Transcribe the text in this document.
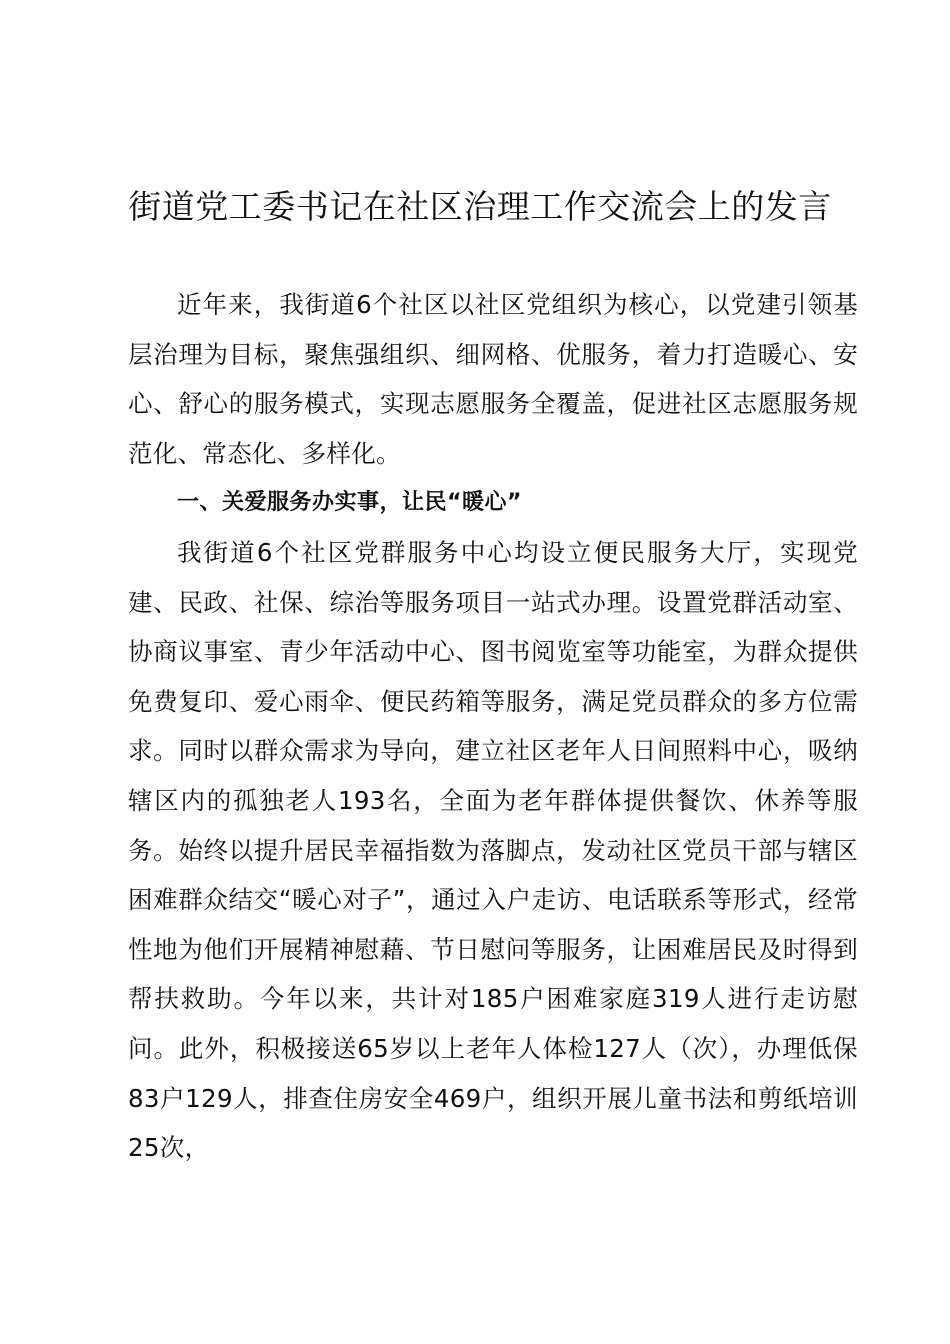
街道党工委书记在社区治理工作交流会上的发言

近年来，我街道6个社区以社区党组织为核心，以党建引领基层治理为目标，聚焦强组织、细网格、优服务，着力打造暖心、安心、舒心的服务模式，实现志愿服务全覆盖，促进社区志愿服务规范化、常态化、多样化。

一、关爱服务办实事，让民“暖心”

我街道6个社区党群服务中心均设立便民服务大厅，实现党建、民政、社保、综治等服务项目一站式办理。设置党群活动室、协商议事室、青少年活动中心、图书阅览室等功能室，为群众提供免费复印、爱心雨伞、便民药箱等服务，满足党员群众的多方位需求。同时以群众需求为导向，建立社区老年人日间照料中心，吸纳辖区内的孤独老人193名，全面为老年群体提供餐饮、休养等服务。始终以提升居民幸福指数为落脚点，发动社区党员干部与辖区困难群众结交“暖心对子”，通过入户走访、电话联系等形式，经常性地为他们开展精神慰藉、节日慰问等服务，让困难居民及时得到帮扶救助。今年以来，共计对185户困难家庭319人进行走访慰问。此外，积极接送65岁以上老年人体检127人（次），办理低保83户129人，排查住房安全469户，组织开展儿童书法和剪纸培训25次，
